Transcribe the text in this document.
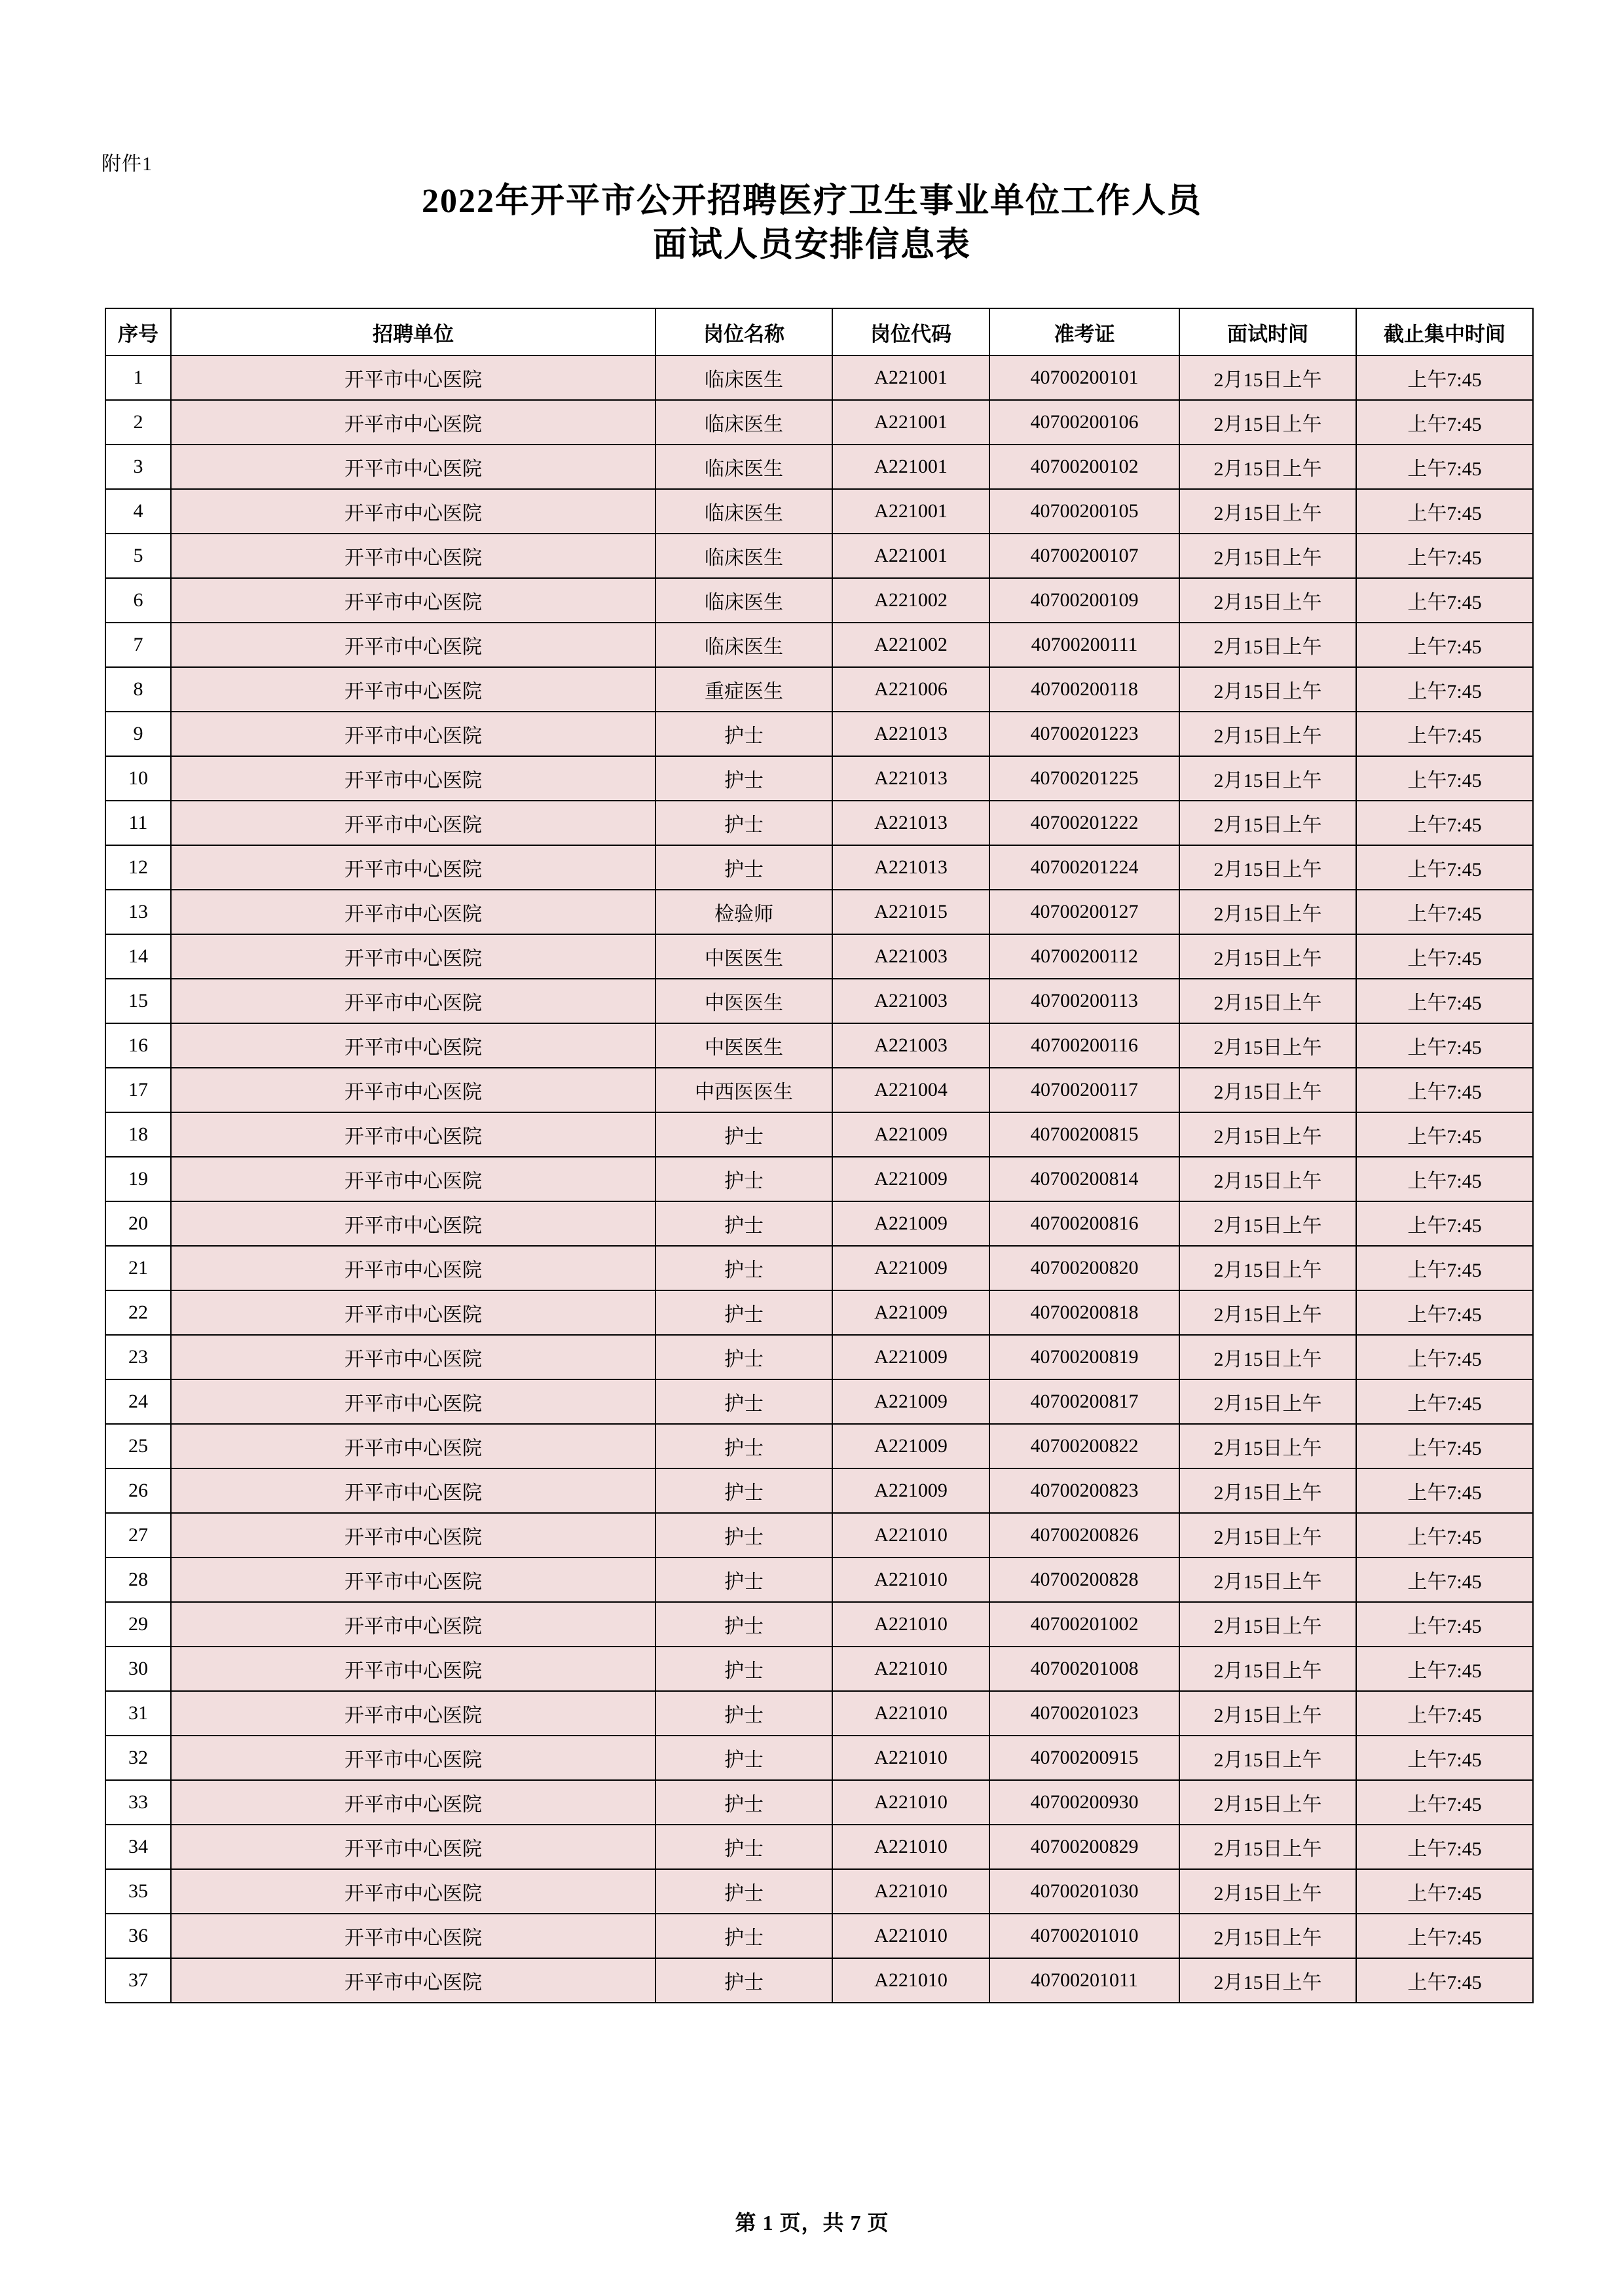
附件1
2022年开平市公开招聘医疗卫生事业单位工作人员
面试人员安排信息表
序号	招聘单位	岗位名称	岗位代码	准考证	面试时间	截止集中时间
1	开平市中心医院	临床医生	A221001	40700200101	2月15日上午	上午7:45
2	开平市中心医院	临床医生	A221001	40700200106	2月15日上午	上午7:45
3	开平市中心医院	临床医生	A221001	40700200102	2月15日上午	上午7:45
4	开平市中心医院	临床医生	A221001	40700200105	2月15日上午	上午7:45
5	开平市中心医院	临床医生	A221001	40700200107	2月15日上午	上午7:45
6	开平市中心医院	临床医生	A221002	40700200109	2月15日上午	上午7:45
7	开平市中心医院	临床医生	A221002	40700200111	2月15日上午	上午7:45
8	开平市中心医院	重症医生	A221006	40700200118	2月15日上午	上午7:45
9	开平市中心医院	护士	A221013	40700201223	2月15日上午	上午7:45
10	开平市中心医院	护士	A221013	40700201225	2月15日上午	上午7:45
11	开平市中心医院	护士	A221013	40700201222	2月15日上午	上午7:45
12	开平市中心医院	护士	A221013	40700201224	2月15日上午	上午7:45
13	开平市中心医院	检验师	A221015	40700200127	2月15日上午	上午7:45
14	开平市中心医院	中医医生	A221003	40700200112	2月15日上午	上午7:45
15	开平市中心医院	中医医生	A221003	40700200113	2月15日上午	上午7:45
16	开平市中心医院	中医医生	A221003	40700200116	2月15日上午	上午7:45
17	开平市中心医院	中西医医生	A221004	40700200117	2月15日上午	上午7:45
18	开平市中心医院	护士	A221009	40700200815	2月15日上午	上午7:45
19	开平市中心医院	护士	A221009	40700200814	2月15日上午	上午7:45
20	开平市中心医院	护士	A221009	40700200816	2月15日上午	上午7:45
21	开平市中心医院	护士	A221009	40700200820	2月15日上午	上午7:45
22	开平市中心医院	护士	A221009	40700200818	2月15日上午	上午7:45
23	开平市中心医院	护士	A221009	40700200819	2月15日上午	上午7:45
24	开平市中心医院	护士	A221009	40700200817	2月15日上午	上午7:45
25	开平市中心医院	护士	A221009	40700200822	2月15日上午	上午7:45
26	开平市中心医院	护士	A221009	40700200823	2月15日上午	上午7:45
27	开平市中心医院	护士	A221010	40700200826	2月15日上午	上午7:45
28	开平市中心医院	护士	A221010	40700200828	2月15日上午	上午7:45
29	开平市中心医院	护士	A221010	40700201002	2月15日上午	上午7:45
30	开平市中心医院	护士	A221010	40700201008	2月15日上午	上午7:45
31	开平市中心医院	护士	A221010	40700201023	2月15日上午	上午7:45
32	开平市中心医院	护士	A221010	40700200915	2月15日上午	上午7:45
33	开平市中心医院	护士	A221010	40700200930	2月15日上午	上午7:45
34	开平市中心医院	护士	A221010	40700200829	2月15日上午	上午7:45
35	开平市中心医院	护士	A221010	40700201030	2月15日上午	上午7:45
36	开平市中心医院	护士	A221010	40700201010	2月15日上午	上午7:45
37	开平市中心医院	护士	A221010	40700201011	2月15日上午	上午7:45
第 1 页，共 7 页
